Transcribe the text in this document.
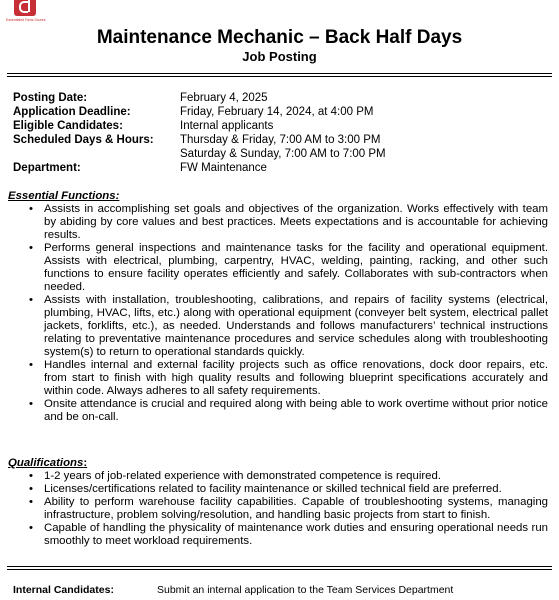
Essentialed Faxis Soures
Maintenance Mechanic – Back Half Days
Job Posting
Posting Date:	February 4, 2025
Application Deadline:	Friday, February 14, 2024, at 4:00 PM
Eligible Candidates:	Internal applicants
Scheduled Days & Hours:	Thursday & Friday, 7:00 AM to 3:00 PM
Saturday & Sunday, 7:00 AM to 7:00 PM
Department:	FW Maintenance
Essential Functions:
• Assists in accomplishing set goals and objectives of the organization. Works effectively with team by abiding by core values and best practices. Meets expectations and is accountable for achieving results.
• Performs general inspections and maintenance tasks for the facility and operational equipment. Assists with electrical, plumbing, carpentry, HVAC, welding, painting, racking, and other such functions to ensure facility operates efficiently and safely. Collaborates with sub-contractors when needed.
• Assists with installation, troubleshooting, calibrations, and repairs of facility systems (electrical, plumbing, HVAC, lifts, etc.) along with operational equipment (conveyer belt system, electrical pallet jackets, forklifts, etc.), as needed. Understands and follows manufacturers’ technical instructions relating to preventative maintenance procedures and service schedules along with troubleshooting system(s) to return to operational standards quickly.
• Handles internal and external facility projects such as office renovations, dock door repairs, etc. from start to finish with high quality results and following blueprint specifications accurately and within code. Always adheres to all safety requirements.
• Onsite attendance is crucial and required along with being able to work overtime without prior notice and be on-call.
Qualifications:
• 1-2 years of job-related experience with demonstrated competence is required.
• Licenses/certifications related to facility maintenance or skilled technical field are preferred.
• Ability to perform warehouse facility capabilities. Capable of troubleshooting systems, managing infrastructure, problem solving/resolution, and handling basic projects from start to finish.
• Capable of handling the physicality of maintenance work duties and ensuring operational needs run smoothly to meet workload requirements.
Internal Candidates:	Submit an internal application to the Team Services Department
